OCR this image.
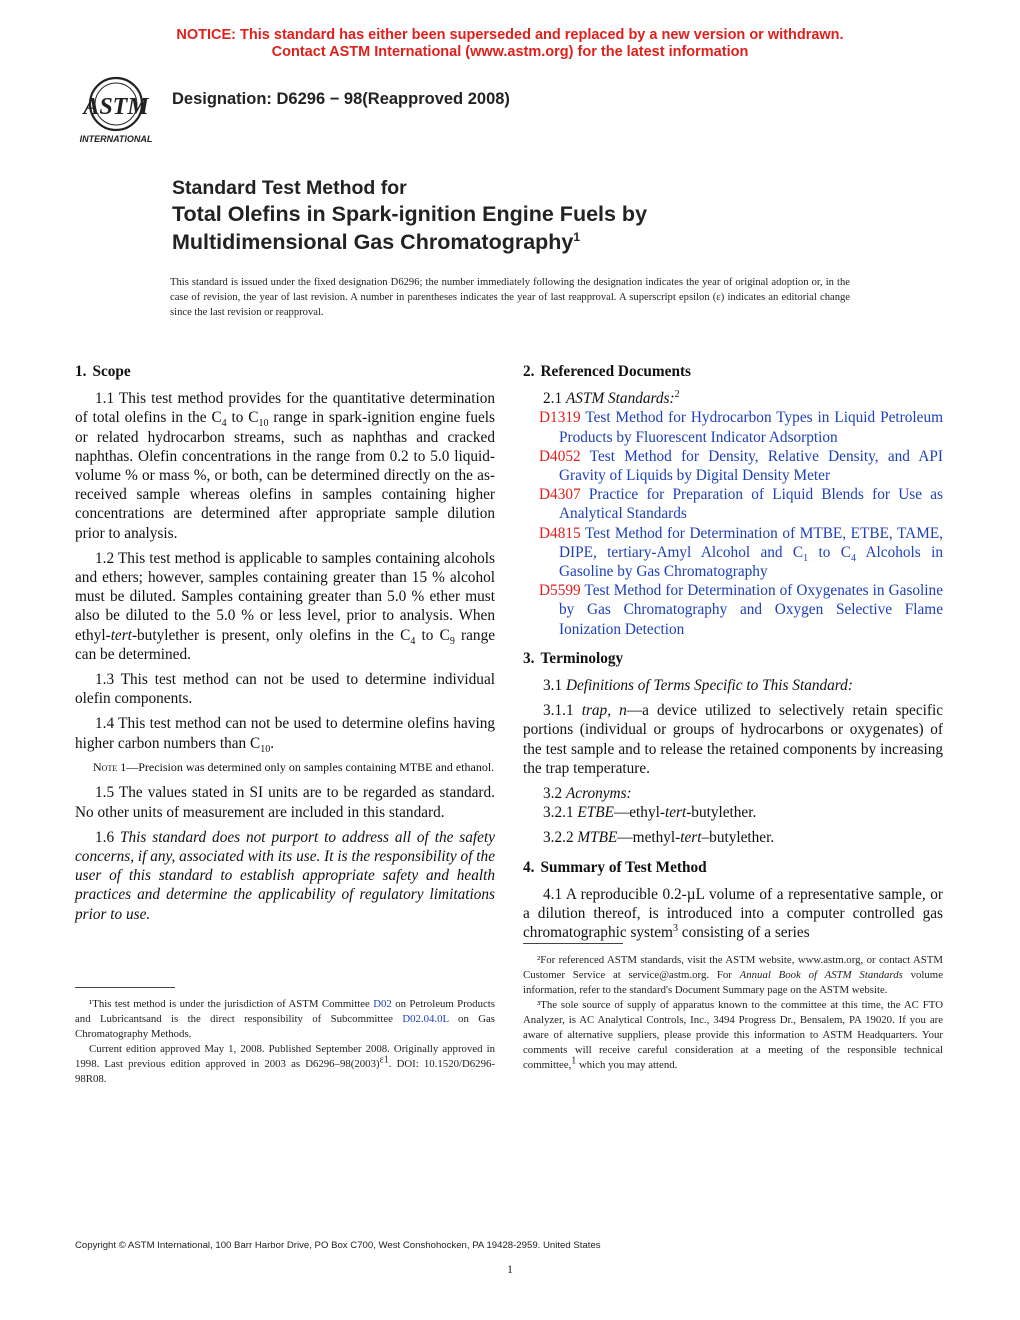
NOTICE: This standard has either been superseded and replaced by a new version or withdrawn.
Contact ASTM International (www.astm.org) for the latest information
ASTM
INTERNATIONAL
Designation: D6296 − 98(Reapproved 2008)
Standard Test Method for
Total Olefins in Spark-ignition Engine Fuels by
Multidimensional Gas Chromatography$^1$
This standard is issued under the fixed designation D6296; the number immediately following the designation indicates the year of original adoption or, in the case of revision, the year of last revision. A number in parentheses indicates the year of last reapproval. A superscript epsilon (ε) indicates an editorial change since the last revision or reapproval.

1. Scope

1.1 This test method provides for the quantitative determination of total olefins in the $C_4$ to $C_{10}$ range in spark-ignition engine fuels or related hydrocarbon streams, such as naphthas and cracked naphthas. Olefin concentrations in the range from 0.2 to 5.0 liquid-volume % or mass %, or both, can be determined directly on the as-received sample whereas olefins in samples containing higher concentrations are determined after appropriate sample dilution prior to analysis.

1.2 This test method is applicable to samples containing alcohols and ethers; however, samples containing greater than 15 % alcohol must be diluted. Samples containing greater than 5.0 % ether must also be diluted to the 5.0 % or less level, prior to analysis. When ethyl-tert-butylether is present, only olefins in the $C_4$ to $C_9$ range can be determined.

1.3 This test method can not be used to determine individual olefin components.

1.4 This test method can not be used to determine olefins having higher carbon numbers than $C_{10}$.

Note 1—Precision was determined only on samples containing MTBE and ethanol.

1.5 The values stated in SI units are to be regarded as standard. No other units of measurement are included in this standard.

1.6 This standard does not purport to address all of the safety concerns, if any, associated with its use. It is the responsibility of the user of this standard to establish appropriate safety and health practices and determine the applicability of regulatory limitations prior to use.

¹This test method is under the jurisdiction of ASTM Committee D02 on Petroleum Products and Lubricantsand is the direct responsibility of Subcommittee D02.04.0L on Gas Chromatography Methods.

Current edition approved May 1, 2008. Published September 2008. Originally approved in 1998. Last previous edition approved in 2003 as $D6296-98(2003)^{\varepsilon 1}$. DOI: 10.1520/D6296-98R08.

2. Referenced Documents

2.1 ASTM Standards:$^2$

D1319 Test Method for Hydrocarbon Types in Liquid Petroleum Products by Fluorescent Indicator Adsorption

D4052 Test Method for Density, Relative Density, and API Gravity of Liquids by Digital Density Meter

D4307 Practice for Preparation of Liquid Blends for Use as Analytical Standards

D4815 Test Method for Determination of MTBE, ETBE, TAME, DIPE, tertiary-Amyl Alcohol and $C_1$ to $C_4$ Alcohols in Gasoline by Gas Chromatography

D5599 Test Method for Determination of Oxygenates in Gasoline by Gas Chromatography and Oxygen Selective Flame Ionization Detection

3. Terminology

3.1 Definitions of Terms Specific to This Standard:

3.1.1 trap, n—a device utilized to selectively retain specific portions (individual or groups of hydrocarbons or oxygenates) of the test sample and to release the retained components by increasing the trap temperature.

3.2 Acronyms:

3.2.1 ETBE—ethyl-tert-butylether.

3.2.2 MTBE—methyl-tert–butylether.

4. Summary of Test Method

4.1 A reproducible 0.2-µL volume of a representative sample, or a dilution thereof, is introduced into a computer controlled gas chromatographic system$^3$ consisting of a series

²For referenced ASTM standards, visit the ASTM website, www.astm.org, or contact ASTM Customer Service at service@astm.org. For Annual Book of ASTM Standards volume information, refer to the standard's Document Summary page on the ASTM website.

³The sole source of supply of apparatus known to the committee at this time, the AC FTO Analyzer, is AC Analytical Controls, Inc., 3494 Progress Dr., Bensalem, PA 19020. If you are aware of alternative suppliers, please provide this information to ASTM Headquarters. Your comments will receive careful consideration at a meeting of the responsible technical committee,$^1$ which you may attend.

Copyright © ASTM International, 100 Barr Harbor Drive, PO Box C700, West Conshohocken, PA 19428-2959. United States
1
